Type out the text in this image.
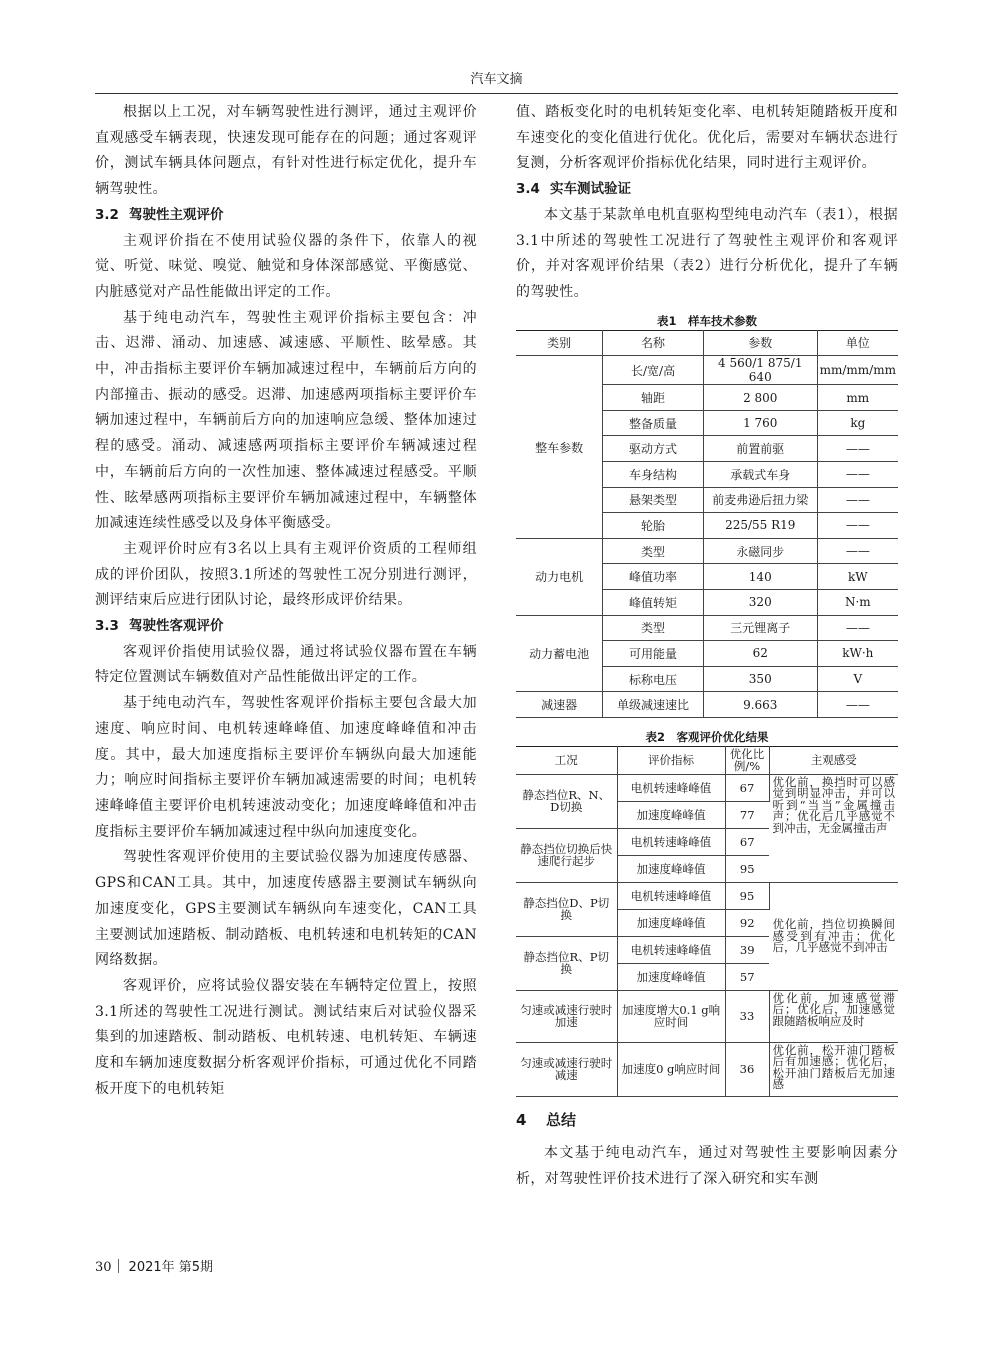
汽车文摘

根据以上工况，对车辆驾驶性进行测评，通过主观评价直观感受车辆表现，快速发现可能存在的问题；通过客观评价，测试车辆具体问题点，有针对性进行标定优化，提升车辆驾驶性。

3.2 驾驶性主观评价

主观评价指在不使用试验仪器的条件下，依靠人的视觉、听觉、味觉、嗅觉、触觉和身体深部感觉、平衡感觉、内脏感觉对产品性能做出评定的工作。

基于纯电动汽车，驾驶性主观评价指标主要包含：冲击、迟滞、涌动、加速感、减速感、平顺性、眩晕感。其中，冲击指标主要评价车辆加减速过程中，车辆前后方向的内部撞击、振动的感受。迟滞、加速感两项指标主要评价车辆加速过程中，车辆前后方向的加速响应急缓、整体加速过程的感受。涌动、减速感两项指标主要评价车辆减速过程中，车辆前后方向的一次性加速、整体减速过程感受。平顺性、眩晕感两项指标主要评价车辆加减速过程中，车辆整体加减速连续性感受以及身体平衡感受。

主观评价时应有3名以上具有主观评价资质的工程师组成的评价团队，按照3.1所述的驾驶性工况分别进行测评，测评结束后应进行团队讨论，最终形成评价结果。

3.3 驾驶性客观评价

客观评价指使用试验仪器，通过将试验仪器布置在车辆特定位置测试车辆数值对产品性能做出评定的工作。

基于纯电动汽车，驾驶性客观评价指标主要包含最大加速度、响应时间、电机转速峰峰值、加速度峰峰值和冲击度。其中，最大加速度指标主要评价车辆纵向最大加速能力；响应时间指标主要评价车辆加减速需要的时间；电机转速峰峰值主要评价电机转速波动变化；加速度峰峰值和冲击度指标主要评价车辆加减速过程中纵向加速度变化。

驾驶性客观评价使用的主要试验仪器为加速度传感器、GPS和CAN工具。其中，加速度传感器主要测试车辆纵向加速度变化，GPS主要测试车辆纵向车速变化，CAN工具主要测试加速踏板、制动踏板、电机转速和电机转矩的CAN网络数据。

客观评价，应将试验仪器安装在车辆特定位置上，按照3.1所述的驾驶性工况进行测试。测试结束后对试验仪器采集到的加速踏板、制动踏板、电机转速、电机转矩、车辆速度和车辆加速度数据分析客观评价指标，可通过优化不同踏板开度下的电机转矩

值、踏板变化时的电机转矩变化率、电机转矩随踏板开度和车速变化的变化值进行优化。优化后，需要对车辆状态进行复测，分析客观评价指标优化结果，同时进行主观评价。

3.4 实车测试验证

本文基于某款单电机直驱构型纯电动汽车（表1），根据3.1中所述的驾驶性工况进行了驾驶性主观评价和客观评价，并对客观评价结果（表2）进行分析优化，提升了车辆的驾驶性。

表1　样车技术参数
类别	名称	参数	单位
整车参数	长/宽/高	4 560/1 875/1 640	mm/mm/mm
	轴距	2 800	mm
	整备质量	1 760	kg
	驱动方式	前置前驱	——
	车身结构	承载式车身	——
	悬架类型	前麦弗逊后扭力梁	——
	轮胎	225/55 R19	——
动力电机	类型	永磁同步	——
	峰值功率	140	kW
	峰值转矩	320	N·m
动力蓄电池	类型	三元锂离子	——
	可用能量	62	kW·h
	标称电压	350	V
减速器	单级减速速比	9.663	——
表2　客观评价优化结果
工况	评价指标	优化比例/%	主观感受
静态挡位R、N、D切换	电机转速峰峰值	67	优化前，换挡时可以感觉到明显冲击，并可以听到“当当”金属撞击声；优化后几乎感觉不到冲击，无金属撞击声
	加速度峰峰值	77	
静态挡位切换后快速爬行起步	电机转速峰峰值	67	
	加速度峰峰值	95	
静态挡位D、P切换	电机转速峰峰值	95	优化前，挡位切换瞬间感受到有冲击；优化后，几乎感觉不到冲击
	加速度峰峰值	92	
静态挡位R、P切换	电机转速峰峰值	39	
	加速度峰峰值	57	
匀速或减速行驶时加速	加速度增大0.1 g响应时间	33	优化前，加速感觉滞后；优化后，加速感觉跟随踏板响应及时
匀速或减速行驶时减速	加速度0 g响应时间	36	优化前，松开油门踏板后有加速感；优化后，松开油门踏板后无加速感
4 总结

本文基于纯电动汽车，通过对驾驶性主要影响因素分析，对驾驶性评价技术进行了深入研究和实车测

30 2021年 第5期
